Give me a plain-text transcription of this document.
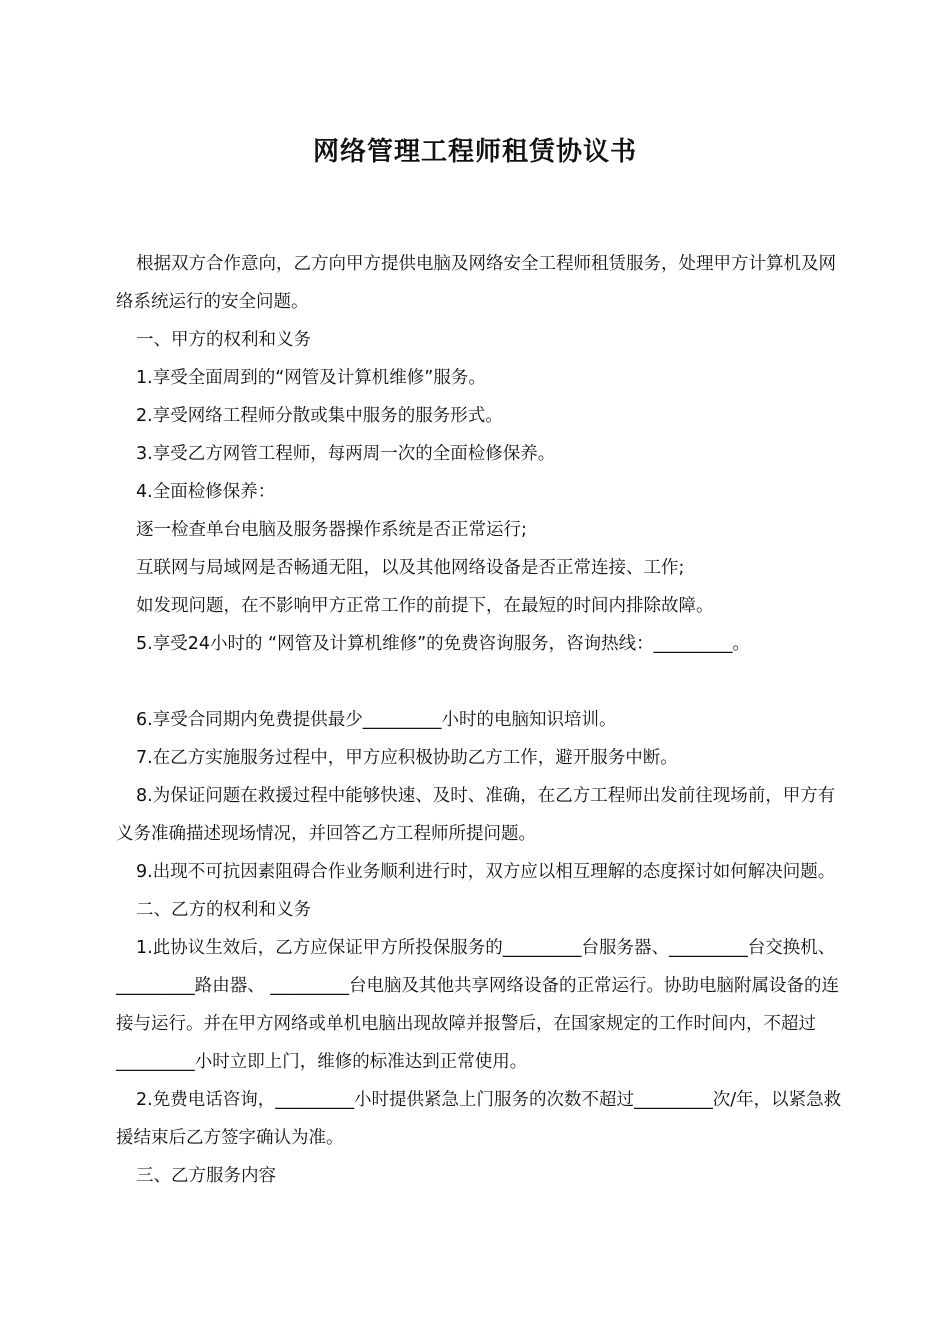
网络管理工程师租赁协议书

根据双方合作意向，乙方向甲方提供电脑及网络安全工程师租赁服务，处理甲方计算机及网络系统运行的安全问题。

一、甲方的权利和义务

1.享受全面周到的“网管及计算机维修”服务。

2.享受网络工程师分散或集中服务的服务形式。

3.享受乙方网管工程师，每两周一次的全面检修保养。

4.全面检修保养：

逐一检查单台电脑及服务器操作系统是否正常运行;

互联网与局域网是否畅通无阻，以及其他网络设备是否正常连接、工作;

如发现问题，在不影响甲方正常工作的前提下，在最短的时间内排除故障。

5.享受24小时的 “网管及计算机维修”的免费咨询服务，咨询热线：_________。

6.享受合同期内免费提供最少_________小时的电脑知识培训。

7.在乙方实施服务过程中，甲方应积极协助乙方工作，避开服务中断。

8.为保证问题在救援过程中能够快速、及时、准确，在乙方工程师出发前往现场前，甲方有义务准确描述现场情况，并回答乙方工程师所提问题。

9.出现不可抗因素阻碍合作业务顺利进行时，双方应以相互理解的态度探讨如何解决问题。

二、乙方的权利和义务

1.此协议生效后，乙方应保证甲方所投保服务的_________台服务器、_________台交换机、_________路由器、 _________台电脑及其他共享网络设备的正常运行。协助电脑附属设备的连接与运行。并在甲方网络或单机电脑出现故障并报警后，在国家规定的工作时间内，不超过_________小时立即上门，维修的标准达到正常使用。

2.免费电话咨询，_________小时提供紧急上门服务的次数不超过_________次/年，以紧急救援结束后乙方签字确认为准。

三、乙方服务内容
